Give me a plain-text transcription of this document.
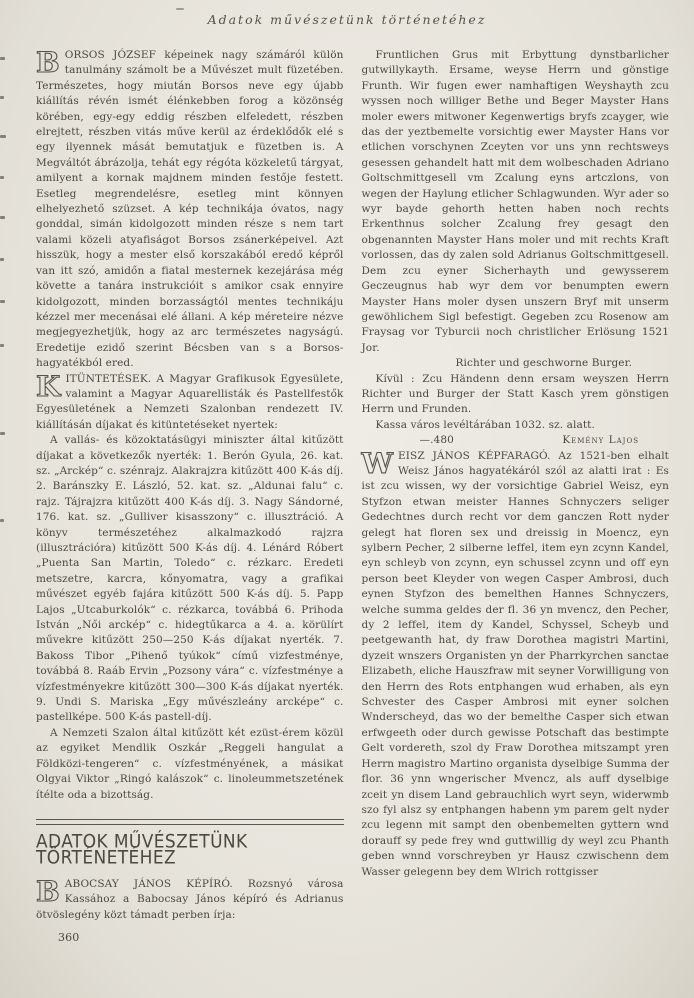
Adatok művészetünk történetéhez

BORSOS JÓZSEF képeinek nagy számáról külön tanulmány számolt be a Művészet mult füzetében. Természetes, hogy miután Borsos neve egy újabb kiállítás révén ismét élénkebben forog a közönség körében, egy-egy eddig részben elfeledett, részben elrejtett, részben vitás műve kerül az érdeklődők elé s egy ilyennek mását bemutatjuk e füzetben is. A Megváltót ábrázolja, tehát egy régóta közkeletű tárgyat, amilyent a kornak majdnem minden festője festett. Esetleg megrendelésre, esetleg mint könnyen elhelyezhető szüzset. A kép technikája óvatos, nagy gonddal, simán kidolgozott minden része s nem tart valami közeli atyafiságot Borsos zsánerképeivel. Azt hisszük, hogy a mester első korszakából eredő képről van itt szó, amidőn a fiatal mesternek kezejárása még követte a tanára instrukcióit s amikor csak ennyire kidolgozott, minden borzasságtól mentes technikáju kézzel mer mecenásai elé állani. A kép méreteire nézve megjegyezhetjük, hogy az arc természetes nagyságú. Eredetije ezidő szerint Bécsben van s a Borsos-hagyatékból ered.

KITÜNTETÉSEK. A Magyar Grafikusok Egyesülete, valamint a Magyar Aquarellisták és Pastellfestők Egyesületének a Nemzeti Szalonban rendezett IV. kiállításán díjakat és kitüntetéseket nyertek:

A vallás- és közoktatásügyi miniszter által kitűzött díjakat a következők nyerték: 1. Berón Gyula, 26. kat. sz. „Arckép“ c. szénrajz. Alakrajzra kitűzött 400 K-ás díj. 2. Baránszky E. László, 52. kat. sz. „Aldunai falu“ c. rajz. Tájrajzra kitűzött 400 K-ás díj. 3. Nagy Sándorné, 176. kat. sz. „Gulliver kisasszony“ c. illusztráció. A könyv természetéhez alkalmazkodó rajzra (illusztrációra) kitűzött 500 K-ás díj. 4. Lénárd Róbert „Puenta San Martin, Toledo“ c. rézkarc. Eredeti metszetre, karcra, kőnyomatra, vagy a grafikai művészet egyéb fajára kitűzött 500 K-ás díj. 5. Papp Lajos „Utcaburkolók“ c. rézkarca, továbbá 6. Prihoda István „Női arckép“ c. hidegtűkarca a 4. a. körülírt művekre kitűzött 250—250 K-ás díjakat nyerték. 7. Bakoss Tibor „Pihenő tyúkok“ című vizfestménye, továbbá 8. Raáb Ervin „Pozsony vára“ c. vízfestménye a vízfestményekre kitűzött 300—300 K-ás díjakat nyerték. 9. Undi S. Mariska „Egy művészleány arcképe“ c. pastellképe. 500 K-ás pastell-díj.

A Nemzeti Szalon által kitűzött két ezüst-érem közül az egyiket Mendlik Oszkár „Reggeli hangulat a Földközi-tengeren“ c. vízfestményének, a másikat Olgyai Viktor „Ringó kalászok“ c. linoleummetszetének ítélte oda a bizottság.

ADATOK MŰVÉSZETÜNK TÖRTÉNETÉHEZ

BABOCSAY JÁNOS KÉPÍRÓ. Rozsnyó városa Kassához a Babocsay János képíró és Adrianus ötvöslegény közt támadt perben írja:

360

Fruntlichen Grus mit Erbyttung dynstbarlicher gutwillykayth. Ersame, weyse Herrn und gönstige Frunth. Wir fugen ewer namhaftigen Weyshayth zcu wyssen noch williger Bethe und Beger Mayster Hans moler ewers mitwoner Kegenwertigs bryfs zcayger, wie das der yeztbemelte vorsichtig ewer Mayster Hans vor etlichen vorschynen Zceyten vor uns ynn rechtsweys gesessen gehandelt hatt mit dem wolbeschaden Adriano Goltschmittgesell vm Zcalung eyns artczlons, von wegen der Haylung etlicher Schlagwunden. Wyr ader so wyr bayde gehorth hetten haben noch rechts Erkenthnus solcher Zcalung frey gesagt den obgenannten Mayster Hans moler und mit rechts Kraft vorlossen, das dy zalen sold Adrianus Goltschmittgesell. Dem zcu eyner Sicherhayth und gewysserem Geczeugnus hab wyr dem vor benumpten ewern Mayster Hans moler dysen unszern Bryf mit unserm gewöhlichem Sigl befestigt. Gegeben zcu Rosenow am Fraysag vor Tyburcii noch christlicher Erlösung 1521 Jor.

Richter und geschworne Burger.

Kívül : Zcu Händenn denn ersam weyszen Herrn Richter und Burger der Statt Kasch yrem gönstigen Herrn und Frunden.

Kassa város levéltárában 1032. sz. alatt.

—.480	Kemény Lajos

WEISZ JÁNOS KÉPFARAGÓ. Az 1521-ben elhalt Weisz János hagyatékáról szól az alatti irat : Es ist zcu wissen, wy der vorsichtige Gabriel Weisz, eyn Styfzon etwan meister Hannes Schnyczers seliger Gedechtnes durch recht vor dem ganczen Rott nyder gelegt hat floren sex und dreissig in Moencz, eyn sylbern Pecher, 2 silberne leffel, item eyn zcynn Kandel, eyn schleyb von zcynn, eyn schussel zcynn und off eyn person beet Kleyder von wegen Casper Ambrosi, duch eynen Styfzon des bemelthen Hannes Schnyczers, welche summa geldes der fl. 36 yn mvencz, den Pecher, dy 2 leffel, item dy Kandel, Schyssel, Scheyb und peetgewanth hat, dy fraw Dorothea magistri Martini, dyzeit wnszers Organisten yn der Pharrkyrchen sanctae Elizabeth, eliche Hauszfraw mit seyner Vorwilligung von den Herrn des Rots entphangen wud erhaben, als eyn Schvester des Casper Ambrosi mit eyner solchen Wnderscheyd, das wo der bemelthe Casper sich etwan erfwgeeth oder durch gewisse Potschaft das bestimpte Gelt vordereth, szol dy Fraw Dorothea mitszampt yren Herrn magistro Martino organista dyselbige Summa der flor. 36 ynn wngerischer Mvencz, als auff dyselbige zceit yn disem Land gebrauchlich wyrt seyn, widerwmb szo fyl alsz sy entphangen habenn ym parem gelt nyder zcu legenn mit sampt den obenbemelten gyttern wnd dorauff sy pede frey wnd guttwillig dy weyl zcu Phanth geben wnnd vorschreyben yr Hausz czwischenn dem Wasser gelegenn bey dem Wlrich rottgisser
